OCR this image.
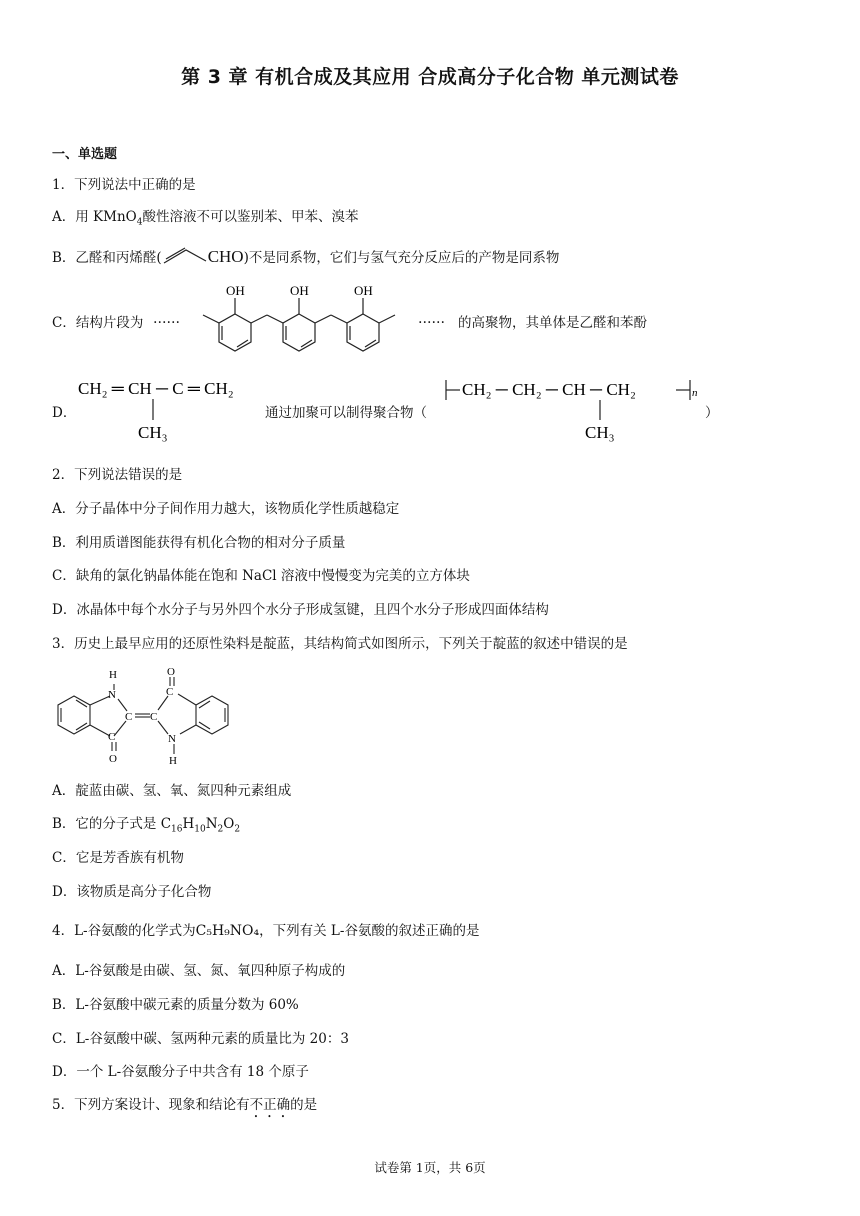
第 3 章 有机合成及其应用 合成高分子化合物 单元测试卷
一、单选题
1．下列说法中正确的是
A．用 KMnO$_4$酸性溶液不可以鉴别苯、甲苯、溴苯
B．乙醛和丙烯醛(	CHO)不是同系物，它们与氢气充分反应后的产物是同系物
C．结构片段为 ……
OH	OH	OH
…… 的高聚物，其单体是乙醛和苯酚
D．
CH₂ ═ CH ─ C ═ CH₂
CH₃
通过加聚可以制得聚合物（
CH₂ ─ CH₂ ─ CH ─ CH₂
CH₃
n
）
2．下列说法错误的是
A．分子晶体中分子间作用力越大，该物质化学性质越稳定
B．利用质谱图能获得有机化合物的相对分子质量
C．缺角的氯化钠晶体能在饱和 NaCl 溶液中慢慢变为完美的立方体块
D．冰晶体中每个水分子与另外四个水分子形成氢键，且四个水分子形成四面体结构
3．历史上最早应用的还原性染料是靛蓝，其结构简式如图所示，下列关于靛蓝的叙述中错误的是
H
N
C C
C
O
O
C
N
H
A．靛蓝由碳、氢、氧、氮四种元素组成
B．它的分子式是 $C_{16}H_{10}N_2O_2$
C．它是芳香族有机物
D．该物质是高分子化合物
4．L-谷氨酸的化学式为C₅H₉NO₄，下列有关 L-谷氨酸的叙述正确的是
A．L-谷氨酸是由碳、氢、氮、氧四种原子构成的
B．L-谷氨酸中碳元素的质量分数为 60%
C．L-谷氨酸中碳、氢两种元素的质量比为 20：3
D．一个 L-谷氨酸分子中共含有 18 个原子
5．下列方案设计、现象和结论有不正确的是
试卷第 1页，共 6页
